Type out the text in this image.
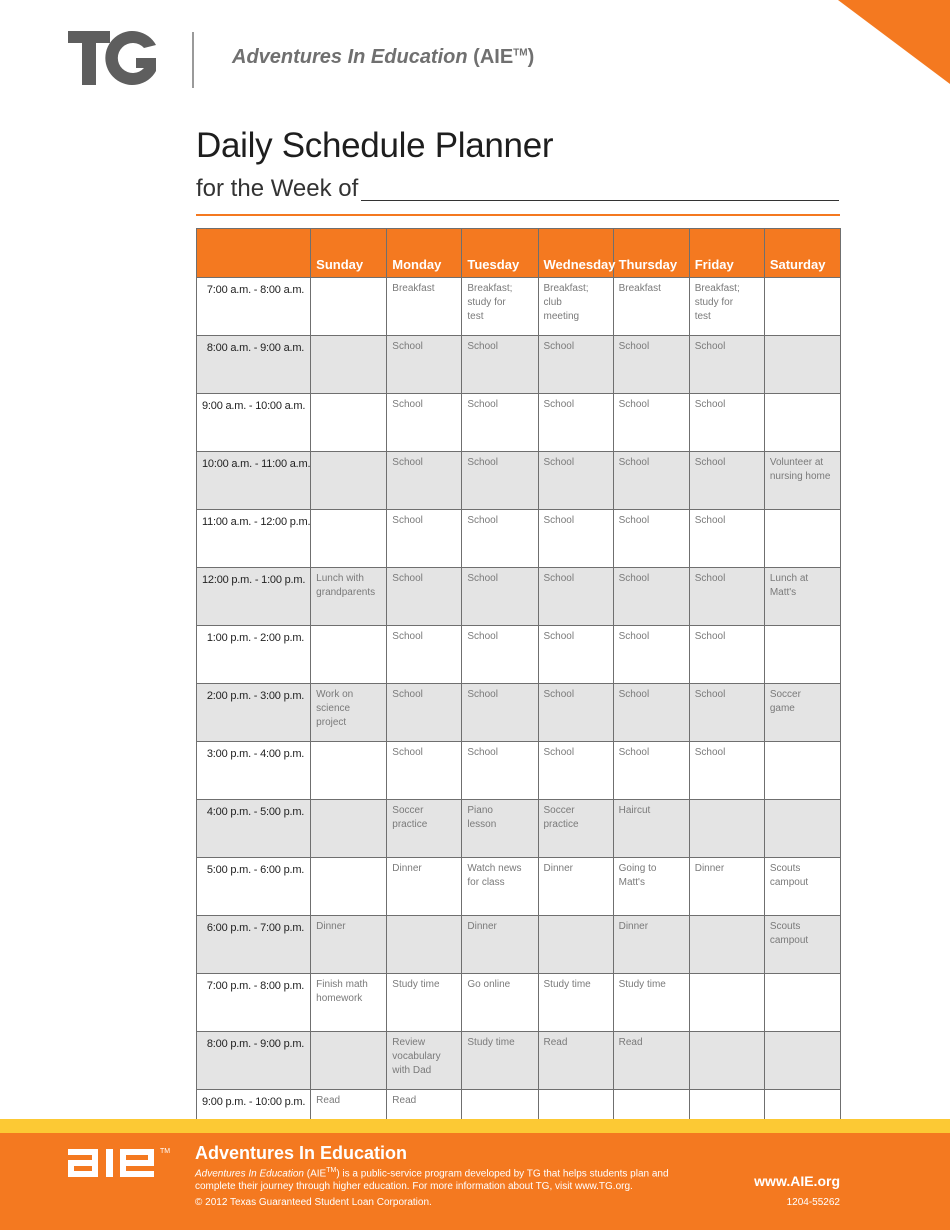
Adventures In Education (AIE™)
Daily Schedule Planner
for the Week of
	Sunday	Monday	Tuesday	Wednesday	Thursday	Friday	Saturday
7:00 a.m. - 8:00 a.m.		Breakfast	Breakfast;
study for
test	Breakfast;
club
meeting	Breakfast	Breakfast;
study for
test	
8:00 a.m. - 9:00 a.m.		School	School	School	School	School	
9:00 a.m. - 10:00 a.m.		School	School	School	School	School	
10:00 a.m. - 11:00 a.m.		School	School	School	School	School	Volunteer at
nursing home
11:00 a.m. - 12:00 p.m.		School	School	School	School	School	
12:00 p.m. - 1:00 p.m.	Lunch with
grandparents	School	School	School	School	School	Lunch at
Matt's
1:00 p.m. - 2:00 p.m.		School	School	School	School	School	
2:00 p.m. - 3:00 p.m.	Work on
science
project	School	School	School	School	School	Soccer
game
3:00 p.m. - 4:00 p.m.		School	School	School	School	School	
4:00 p.m. - 5:00 p.m.		Soccer
practice	Piano
lesson	Soccer
practice	Haircut		
5:00 p.m. - 6:00 p.m.		Dinner	Watch news
for class	Dinner	Going to
Matt's	Dinner	Scouts
campout
6:00 p.m. - 7:00 p.m.	Dinner		Dinner		Dinner		Scouts
campout
7:00 p.m. - 8:00 p.m.	Finish math
homework	Study time	Go online	Study time	Study time		
8:00 p.m. - 9:00 p.m.		Review
vocabulary
with Dad	Study time	Read	Read		
9:00 p.m. - 10:00 p.m.	Read	Read					
TM Adventures In Education
Adventures In Education (AIE™) is a public-service program developed by TG that helps students plan and complete their journey through higher education. For more information about TG, visit www.TG.org.
© 2012 Texas Guaranteed Student Loan Corporation.
www.AIE.org
1204-55262
